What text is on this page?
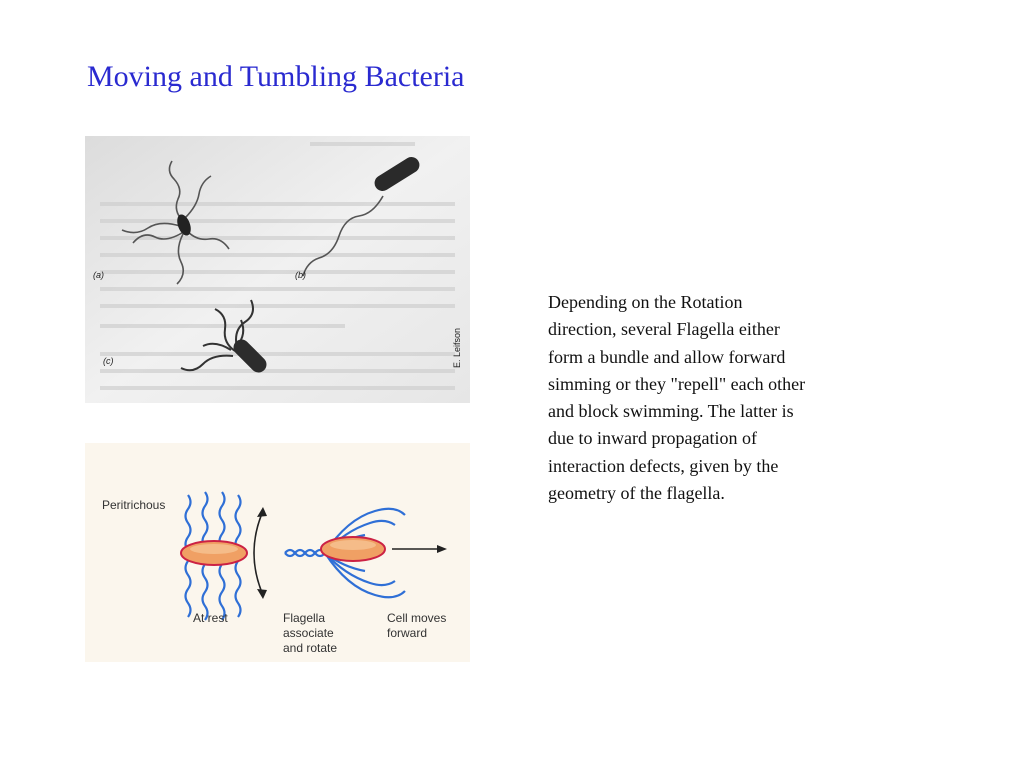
Moving and Tumbling Bacteria
(a)	(b)
(c)	E. Leifson
Peritrichous
At rest	Flagella
associate
and rotate
Cell moves
forward
Depending on the Rotation
direction, several Flagella either
form a bundle and allow forward
simming or they "repell" each other
and block swimming. The latter is
due to inward propagation of
interaction defects, given by the
geometry of the flagella.
